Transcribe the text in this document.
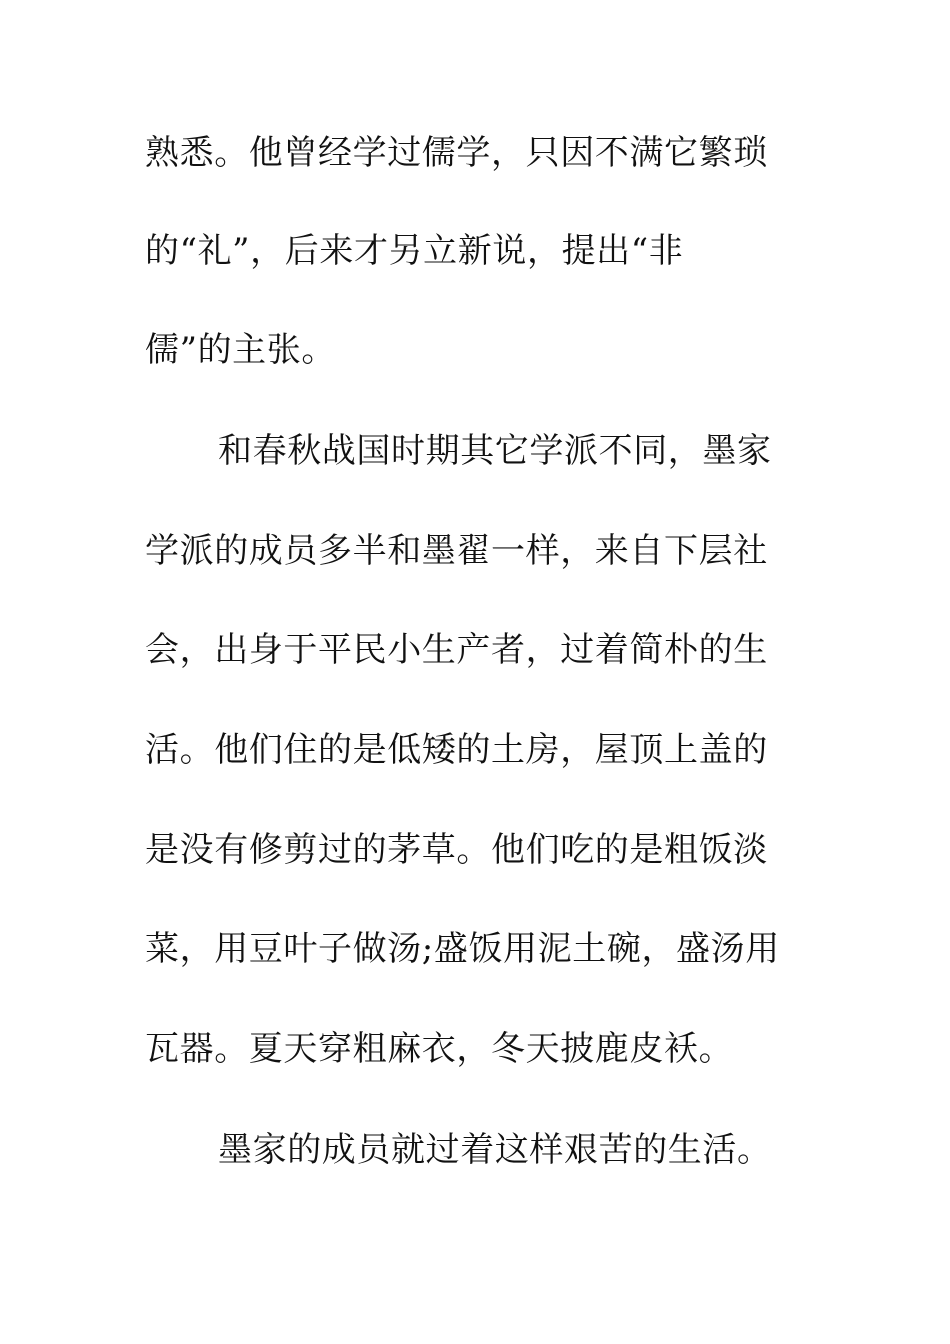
熟悉。他曾经学过儒学，只因不满它繁琐
的“礼”，后来才另立新说，提出“非
儒”的主张。
和春秋战国时期其它学派不同，墨家
学派的成员多半和墨翟一样，来自下层社
会，出身于平民小生产者，过着简朴的生
活。他们住的是低矮的土房，屋顶上盖的
是没有修剪过的茅草。他们吃的是粗饭淡
菜，用豆叶子做汤;盛饭用泥土碗，盛汤用
瓦器。夏天穿粗麻衣，冬天披鹿皮袄。
墨家的成员就过着这样艰苦的生活。
